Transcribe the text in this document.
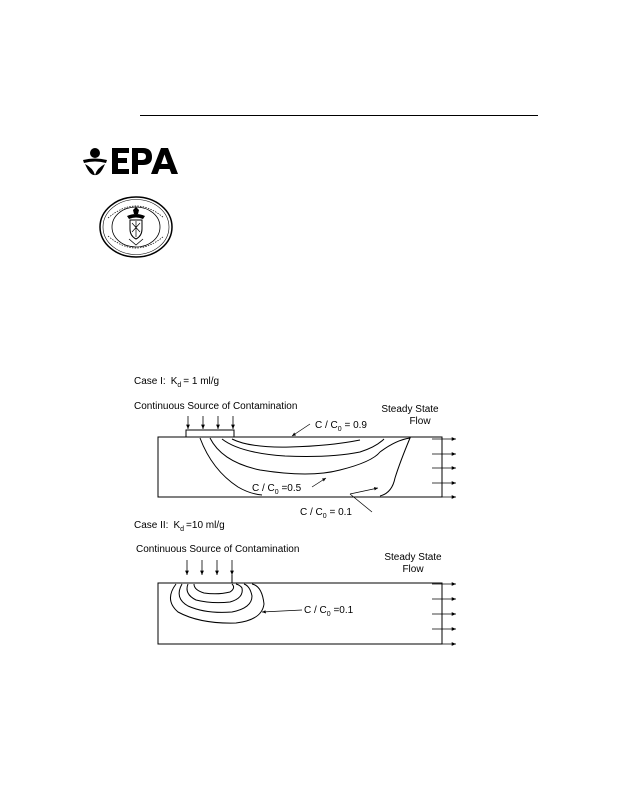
Case I: $K_d = 1$ ml/g
Continuous Source of Contamination	Steady State
Flow
$C / C_0 = 0.9$
$C / C_0 =0.5$
$C / C_0 = 0.1$
Case II: $K_d =10$ ml/g
Continuous Source of Contamination
Steady State
Flow
$C / C_0 =0.1$
